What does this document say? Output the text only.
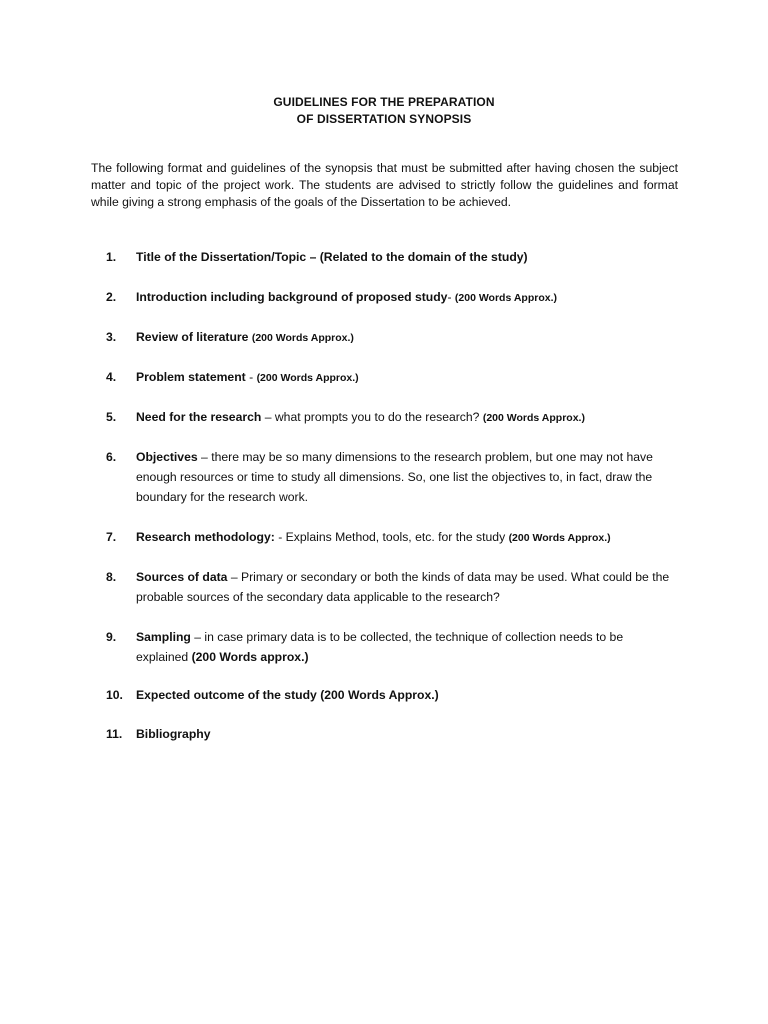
GUIDELINES FOR THE PREPARATION
OF DISSERTATION SYNOPSIS

The following format and guidelines of the synopsis that must be submitted after having chosen the subject matter and topic of the project work. The students are advised to strictly follow the guidelines and format while giving a strong emphasis of the goals of the Dissertation to be achieved.

1.	Title of the Dissertation/Topic – (Related to the domain of the study)
2.	Introduction including background of proposed study- (200 Words Approx.)
3.	Review of literature (200 Words Approx.)
4.	Problem statement - (200 Words Approx.)
5.	Need for the research – what prompts you to do the research? (200 Words Approx.)
6.	Objectives – there may be so many dimensions to the research problem, but one may not have enough resources or time to study all dimensions. So, one list the objectives to, in fact, draw the boundary for the research work.
7.	Research methodology: - Explains Method, tools, etc. for the study (200 Words Approx.)
8.	Sources of data – Primary or secondary or both the kinds of data may be used. What could be the probable sources of the secondary data applicable to the research?
9.	Sampling – in case primary data is to be collected, the technique of collection needs to be explained (200 Words approx.)
10.	Expected outcome of the study (200 Words Approx.)
11.	Bibliography
